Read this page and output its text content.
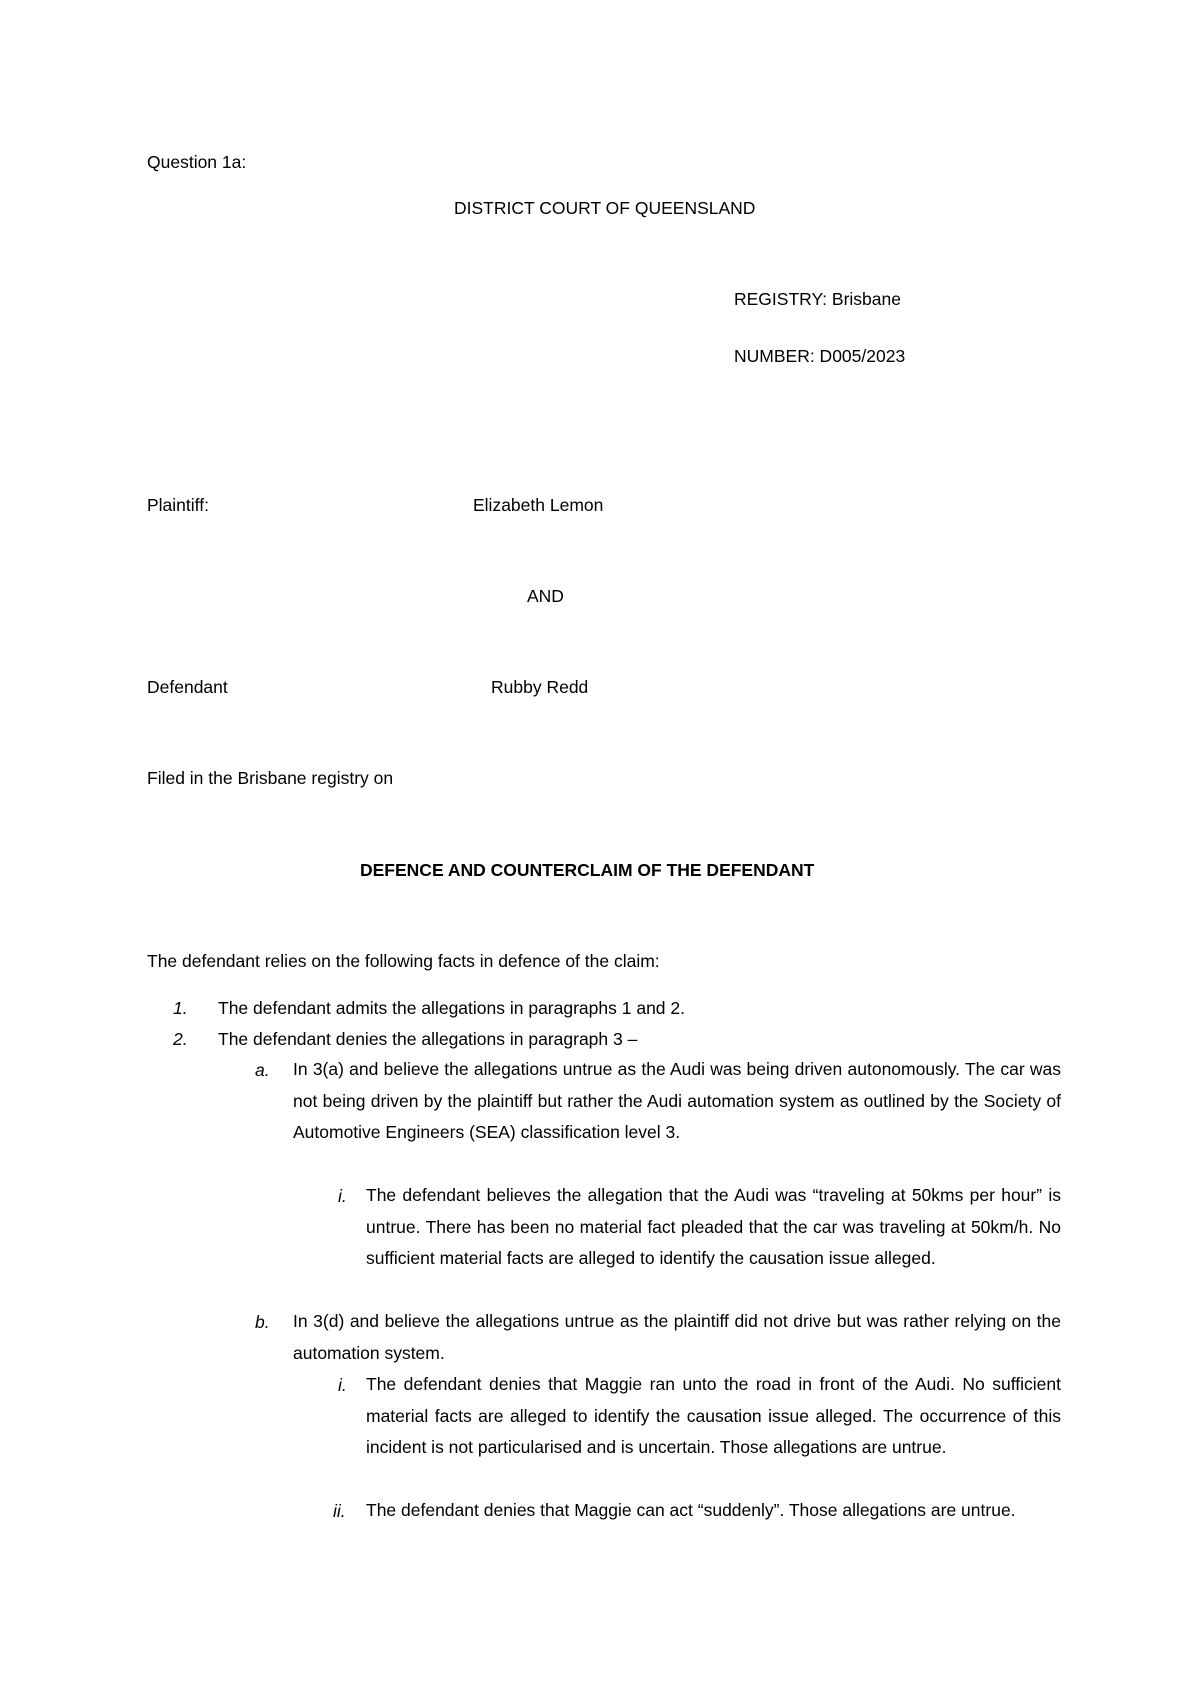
Question 1a:

DISTRICT COURT OF QUEENSLAND

REGISTRY: Brisbane

NUMBER: D005/2023

Plaintiff:	Elizabeth Lemon

AND

Defendant	Rubby Redd

Filed in the Brisbane registry on

DEFENCE AND COUNTERCLAIM OF THE DEFENDANT

The defendant relies on the following facts in defence of the claim:

1. The defendant admits the allegations in paragraphs 1 and 2.

2. The defendant denies the allegations in paragraph 3 –

a. In 3(a) and believe the allegations untrue as the Audi was being driven autonomously. The car was not being driven by the plaintiff but rather the Audi automation system as outlined by the Society of Automotive Engineers (SEA) classification level 3.

i. The defendant believes the allegation that the Audi was “traveling at 50kms per hour” is untrue. There has been no material fact pleaded that the car was traveling at 50km/h. No sufficient material facts are alleged to identify the causation issue alleged.

b. In 3(d) and believe the allegations untrue as the plaintiff did not drive but was rather relying on the automation system.

i. The defendant denies that Maggie ran unto the road in front of the Audi. No sufficient material facts are alleged to identify the causation issue alleged. The occurrence of this incident is not particularised and is uncertain. Those allegations are untrue.

ii. The defendant denies that Maggie can act “suddenly”. Those allegations are untrue.
